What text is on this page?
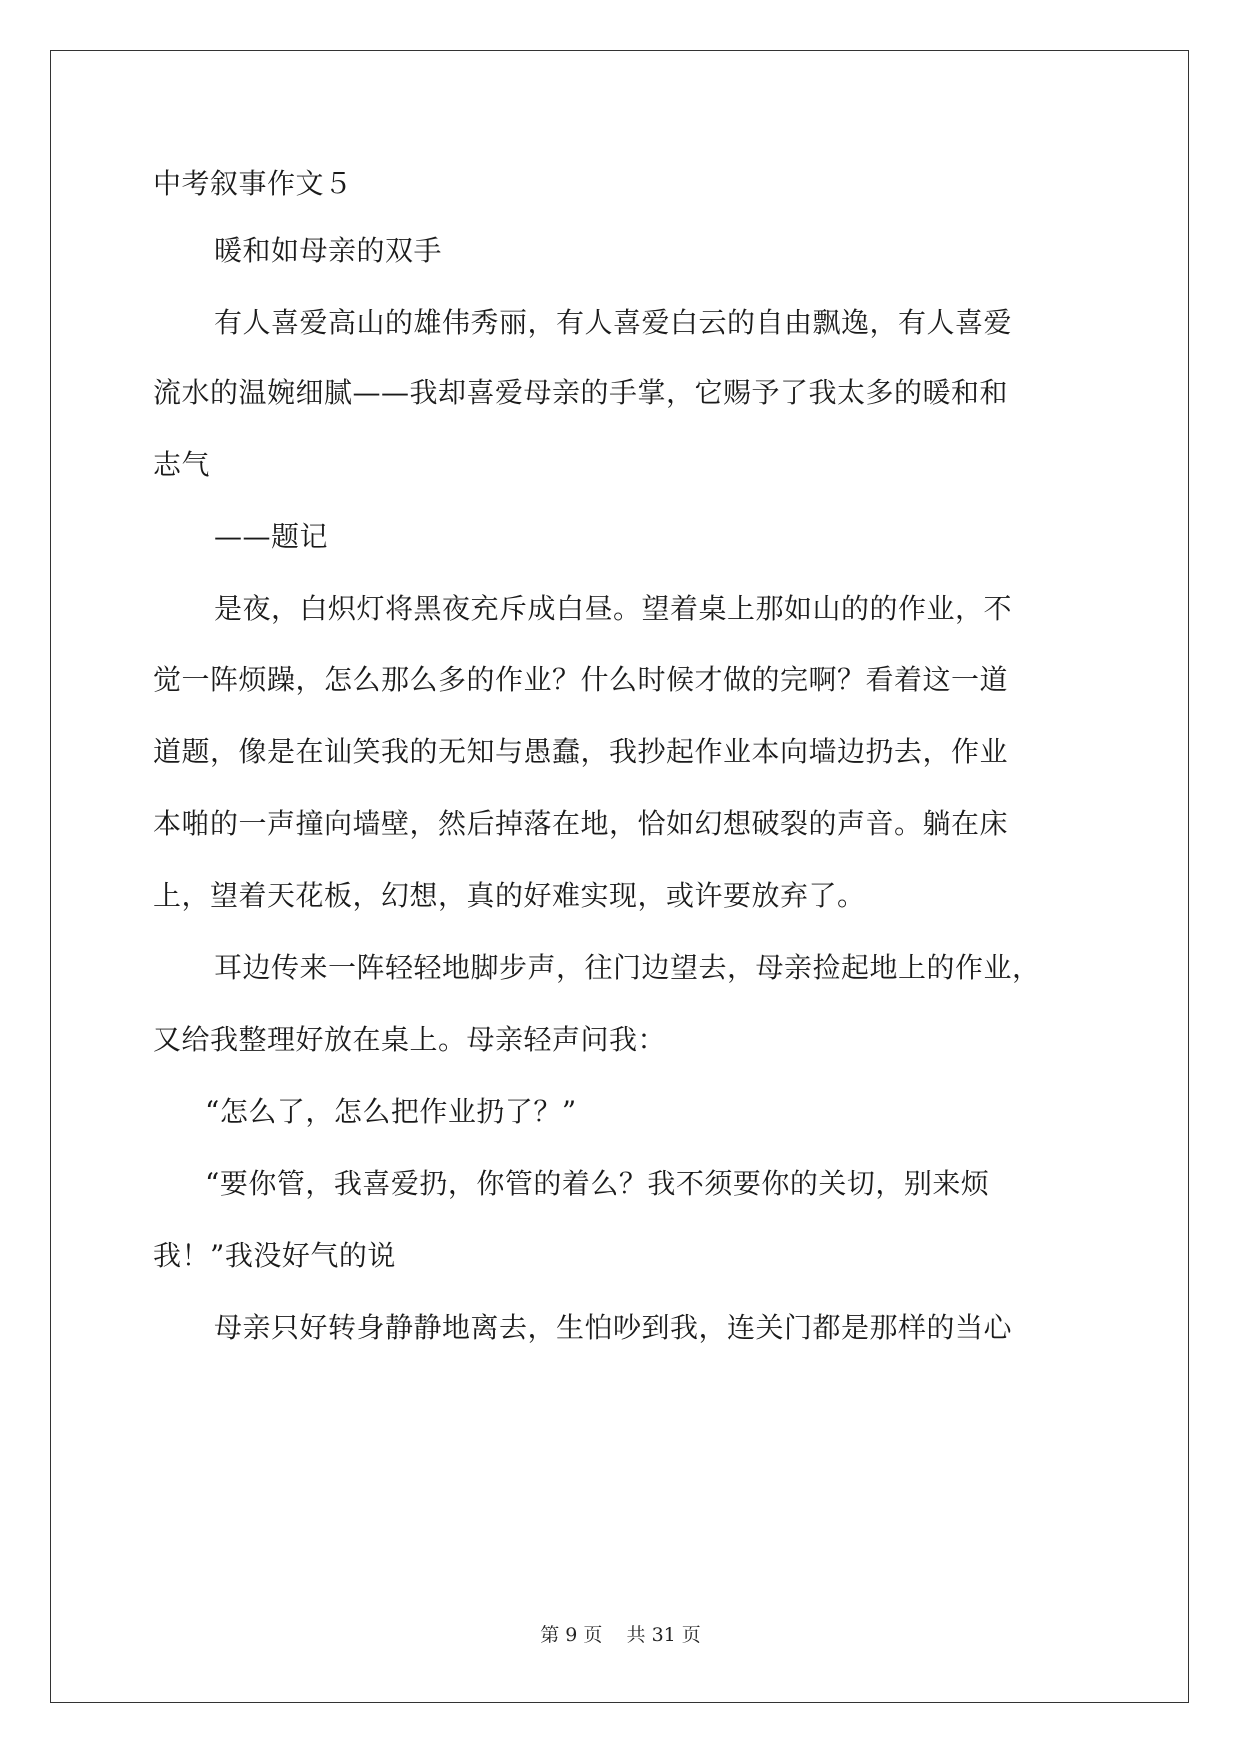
中考叙事作文５
暖和如母亲的双手
有人喜爱高山的雄伟秀丽，有人喜爱白云的自由飘逸，有人喜爱
流水的温婉细腻——我却喜爱母亲的手掌，它赐予了我太多的暖和和
志气
——题记
是夜，白炽灯将黑夜充斥成白昼。望着桌上那如山的的作业，不
觉一阵烦躁，怎么那么多的作业？什么时候才做的完啊？看着这一道
道题，像是在讪笑我的无知与愚蠢，我抄起作业本向墙边扔去，作业
本啪的一声撞向墙壁，然后掉落在地，恰如幻想破裂的声音。躺在床
上，望着天花板，幻想，真的好难实现，或许要放弃了。
耳边传来一阵轻轻地脚步声，往门边望去，母亲捡起地上的作业，
又给我整理好放在桌上。母亲轻声问我：
“怎么了，怎么把作业扔了？”
“要你管，我喜爱扔，你管的着么？我不须要你的关切，别来烦
我！”我没好气的说
母亲只好转身静静地离去，生怕吵到我，连关门都是那样的当心
第 9 页    共 31 页
